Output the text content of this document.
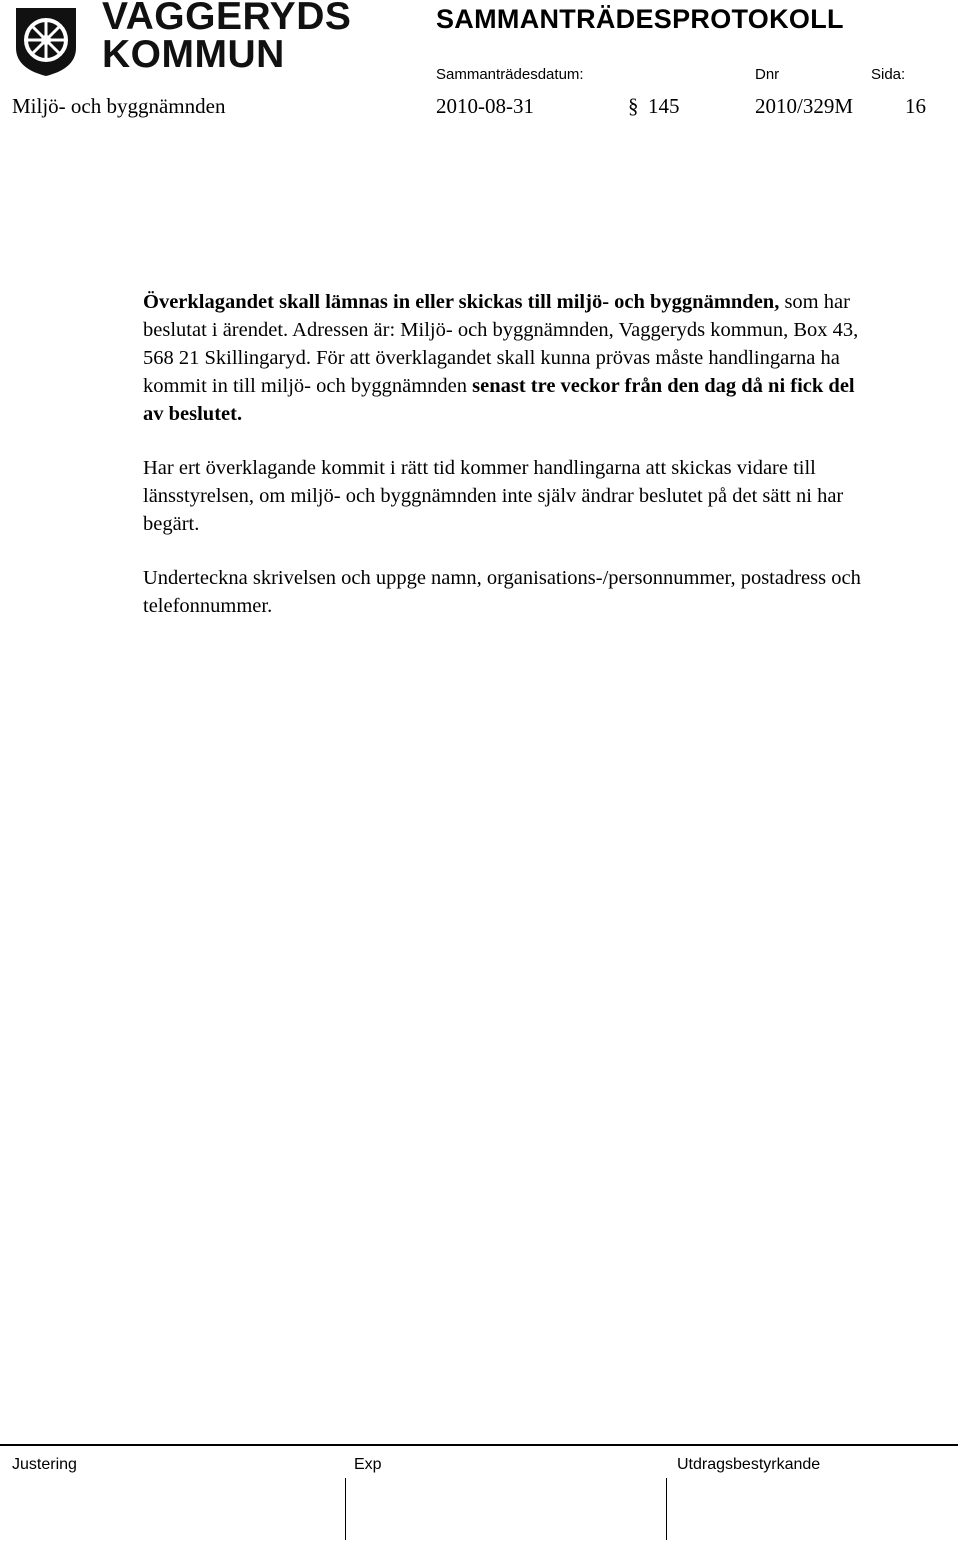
VAGGERYDS
KOMMUN
SAMMANTRÄDESPROTOKOLL
Sammanträdesdatum:	Dnr	Sida:
Miljö- och byggnämnden	2010-08-31	§ 145	2010/329M 16

Överklagandet skall lämnas in eller skickas till miljö- och byggnämnden, som har beslutat i ärendet. Adressen är: Miljö- och byggnämnden, Vaggeryds kommun, Box 43, 568 21 Skillingaryd. För att överklagandet skall kunna prövas måste handlingarna ha kommit in till miljö- och byggnämnden senast tre veckor från den dag då ni fick del av beslutet.

Har ert överklagande kommit i rätt tid kommer handlingarna att skickas vidare till länsstyrelsen, om miljö- och byggnämnden inte själv ändrar beslutet på det sätt ni har begärt.

Underteckna skrivelsen och uppge namn, organisations-/personnummer, postadress och telefonnummer.

Justering	Exp	Utdragsbestyrkande
